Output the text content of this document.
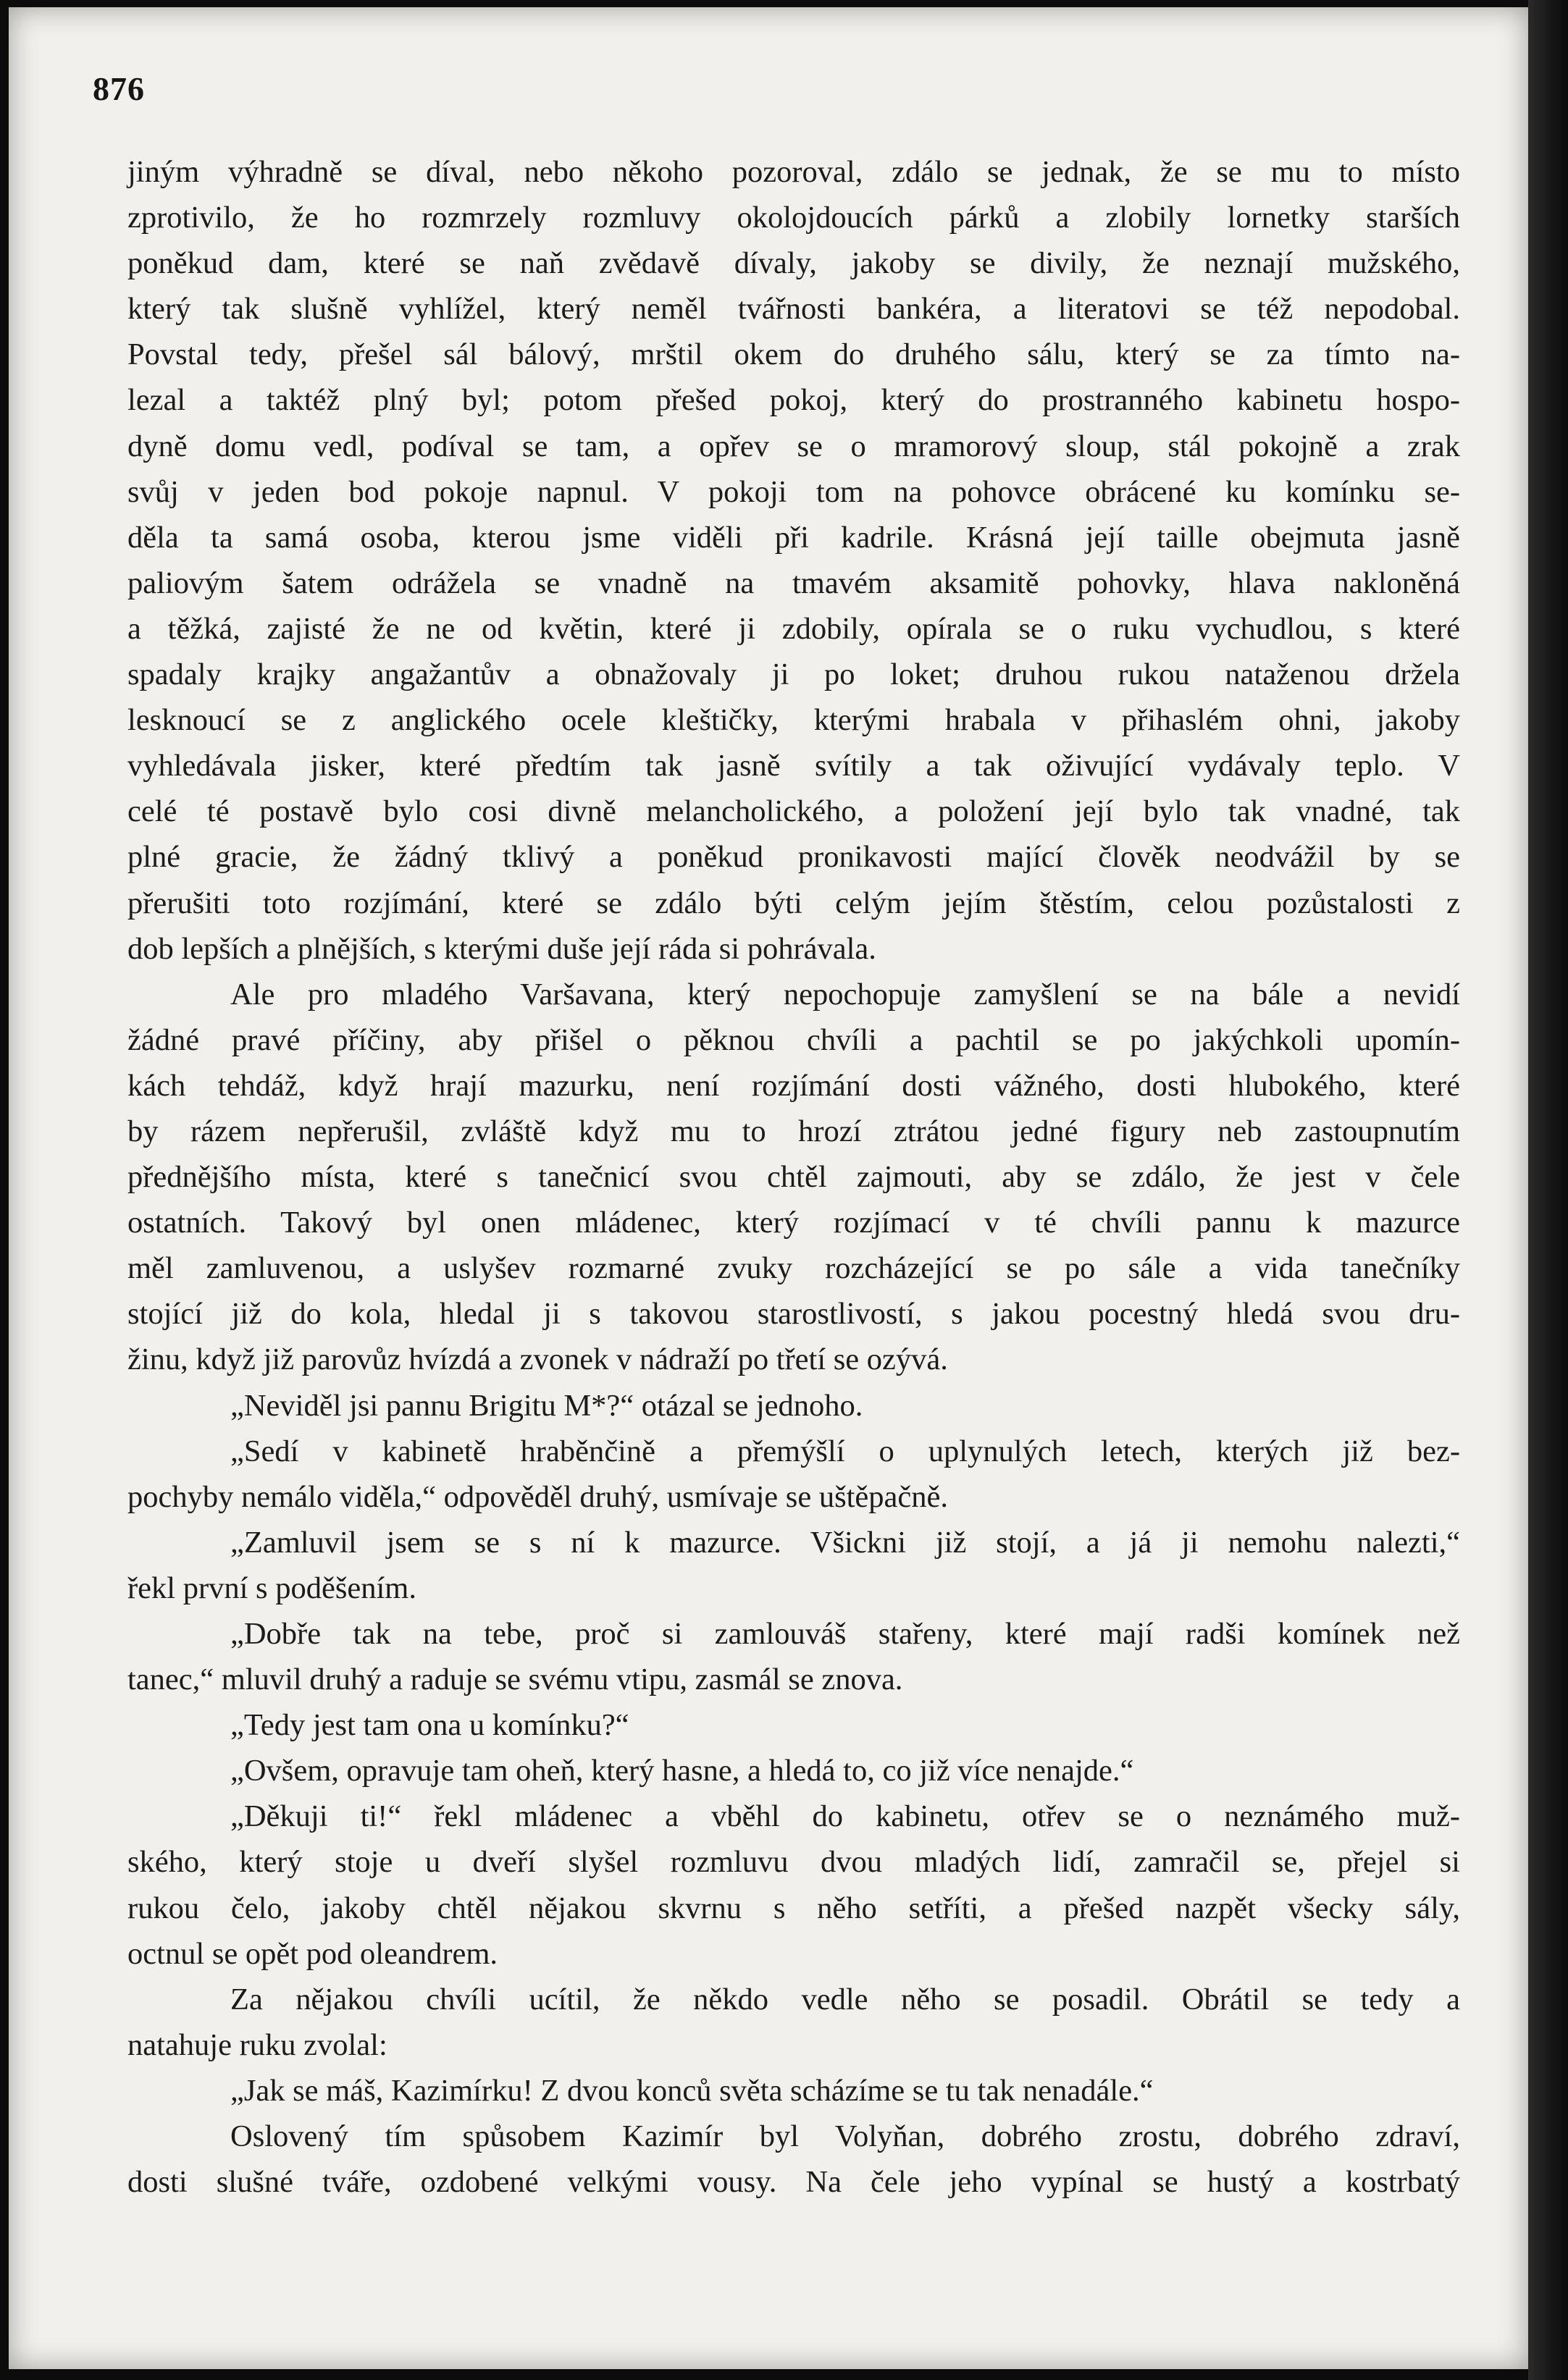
876
jiným výhradně se díval, nebo někoho pozoroval, zdálo se jednak, že se mu to místo
zprotivilo, že ho rozmrzely rozmluvy okolojdoucích párků a zlobily lornetky starších
poněkud dam, které se naň zvědavě dívaly, jakoby se divily, že neznají mužského,
který tak slušně vyhlížel, který neměl tvářnosti bankéra, a literatovi se též nepodobal.
Povstal tedy, přešel sál bálový, mrštil okem do druhého sálu, který se za tímto na-
lezal a taktéž plný byl; potom přešed pokoj, který do prostranného kabinetu hospo-
dyně domu vedl, podíval se tam, a opřev se o mramorový sloup, stál pokojně a zrak
svůj v jeden bod pokoje napnul. V pokoji tom na pohovce obrácené ku komínku se-
děla ta samá osoba, kterou jsme viděli při kadrile. Krásná její taille obejmuta jasně
paliovým šatem odrážela se vnadně na tmavém aksamitě pohovky, hlava nakloněná
a těžká, zajisté že ne od květin, které ji zdobily, opírala se o ruku vychudlou, s které
spadaly krajky angažantův a obnažovaly ji po loket; druhou rukou natažen​ou držela
lesknoucí se z anglického ocele kleštičky, kterými hrabala v přihaslém ohni, jakoby
vyhledávala jisker, které předtím tak jasně svítily a tak oživující vydávaly teplo. V
celé té postavě bylo cosi divně melancholického, a položení její bylo tak vnadné, tak
plné gracie, že žádný tklivý a poněkud pronikavosti mající člověk neodvážil by se
přerušiti toto rozjímání, které se zdálo býti celým jejím štěstím, celou pozůstalosti z
dob lepších a plnějších, s kterými duše její ráda si pohrávala.
Ale pro mladého Varšavana, který nepochopuje zamyšlení se na bále a nevidí
žádné pravé příčiny, aby přišel o pěknou chvíli a pachtil se po jakýchkoli upomín-
kách tehdáž, když hrají mazurku, není rozjímání dosti vážného, dosti hlubokého, které
by rázem nepřerušil, zvláště když mu to hrozí ztrátou jedné figury neb zastoupnutím
přednějšího místa, které s tanečnicí svou chtěl zajmouti, aby se zdálo, že jest v čele
ostatních. Takový byl onen mládenec, který rozjímací v té chvíli pannu k mazurce
měl zamluvenou, a uslyšev rozmarné zvuky rozcházející se po sále a vida tanečníky
stojící již do kola, hledal ji s takovou starostlivostí, s jakou pocestný hledá svou dru-
žinu, když již parovůz hvízdá a zvonek v nádraží po třetí se ozývá.
„Neviděl jsi pannu Brigitu M*?“ otázal se jednoho.
„Sedí v kabinetě hraběnčině a přemýšlí o uplynulých letech, kterých již bez-
pochyby nemálo viděla,“ odpověděl druhý, usmívaje se uštěpačně.
„Zamluvil jsem se s ní k mazurce. Všickni již stojí, a já ji nemohu nalezti,“
řekl první s poděšením.
„Dobře tak na tebe, proč si zamlouváš stařeny, které mají radši komínek než
tanec,“ mluvil druhý a raduje se svému vtipu, zasmál se znova.
„Tedy jest tam ona u komínku?“
„Ovšem, opravuje tam oheň, který hasne, a hledá to, co již více nenajde.“
„Děkuji ti!“ řekl mládenec a vběhl do kabinetu, otřev se o neznámého muž-
ského, který stoje u dveří slyšel rozmluvu dvou mladých lidí, zamračil se, přejel si
rukou čelo, jakoby chtěl nějakou skvrnu s něho setříti, a přešed nazpět všecky sály,
octnul se opět pod oleandrem.
Za nějakou chvíli ucítil, že někdo vedle něho se posadil. Obrátil se tedy a
natahuje ruku zvolal:
„Jak se máš, Kazimírku! Z dvou konců světa scházíme se tu tak nenadále.“
Oslovený tím spůsobem Kazimír byl Volyňan, dobrého zrostu, dobrého zdraví,
dosti slušné tváře, ozdobené velkými vousy. Na čele jeho vypínal se hustý a kostrbatý
